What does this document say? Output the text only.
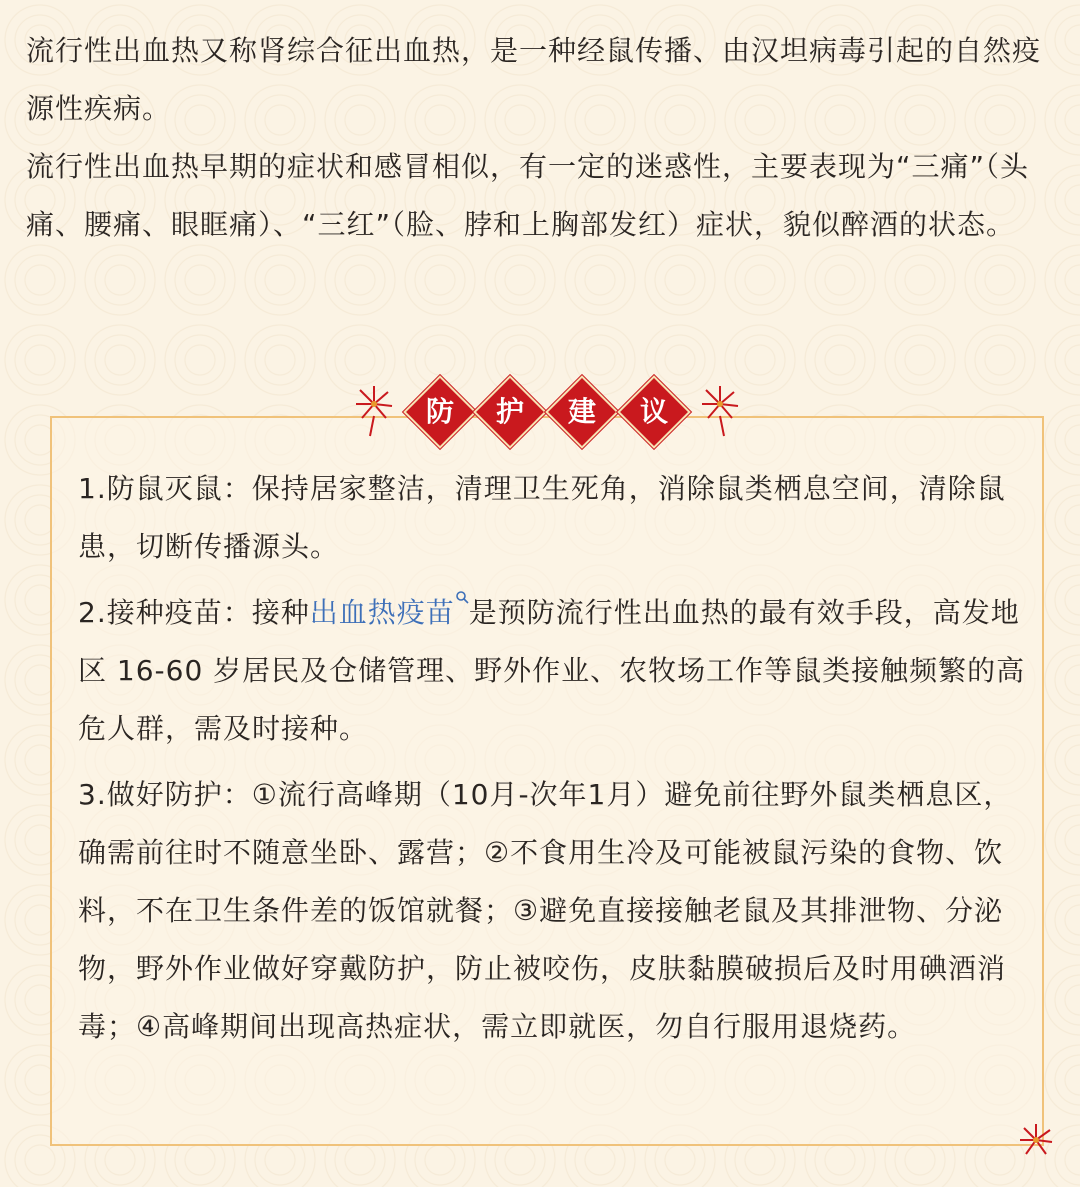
流行性出血热又称肾综合征出血热，是一种经鼠传播、由汉坦病毒引起的自然疫源性疾病。

流行性出血热早期的症状和感冒相似，有一定的迷惑性，主要表现为“三痛”（头痛、腰痛、眼眶痛）、“三红”（脸、脖和上胸部发红）症状，貌似醉酒的状态。

防	护	建	议

1.防鼠灭鼠：保持居家整洁，清理卫生死角，消除鼠类栖息空间，清除鼠患，切断传播源头。

2.接种疫苗：接种出血热疫苗 是预防流行性出血热的最有效手段，高发地区 16-60 岁居民及仓储管理、野外作业、农牧场工作等鼠类接触频繁的高危人群，需及时接种。

3.做好防护：①流行高峰期（10月-次年1月）避免前往野外鼠类栖息区，确需前往时不随意坐卧、露营；②不食用生冷及可能被鼠污染的食物、饮料，不在卫生条件差的饭馆就餐；③避免直接接触老鼠及其排泄物、分泌物，野外作业做好穿戴防护，防止被咬伤，皮肤黏膜破损后及时用碘酒消毒；④高峰期间出现高热症状，需立即就医，勿自行服用退烧药。
